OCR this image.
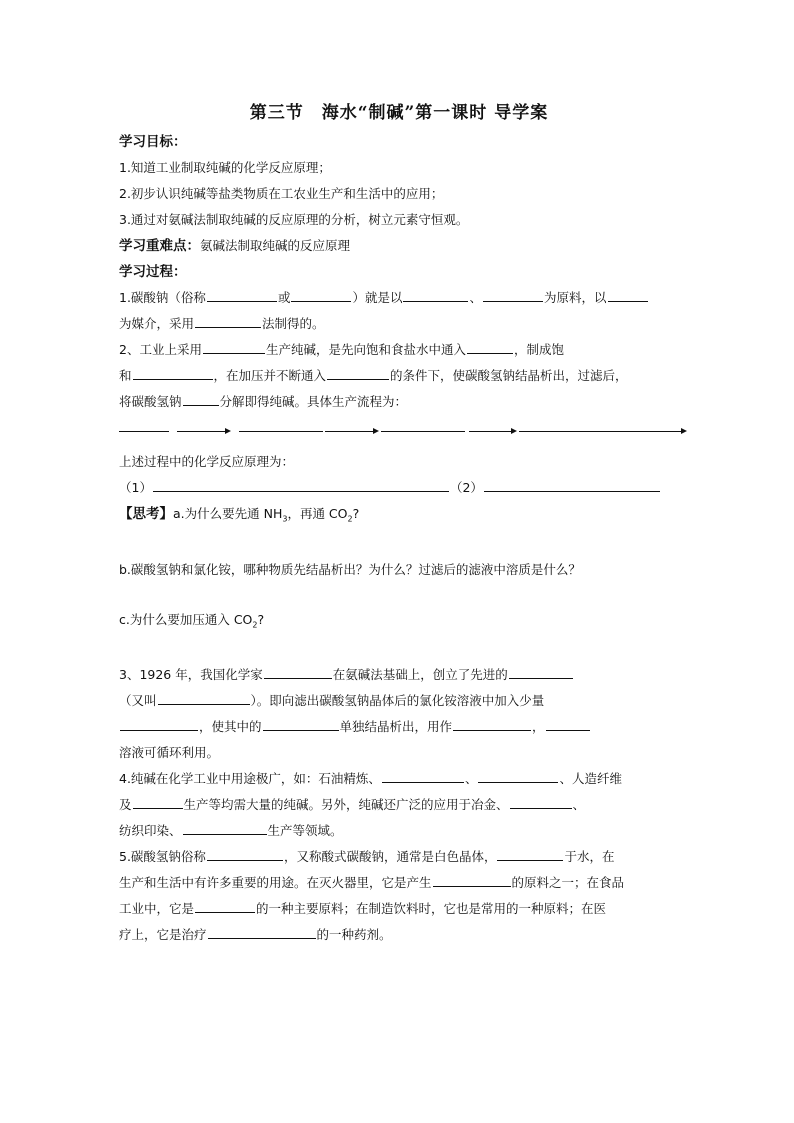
第三节　海水“制碱”第一课时 导学案
学习目标：
1.知道工业制取纯碱的化学反应原理；
2.初步认识纯碱等盐类物质在工农业生产和生活中的应用；
3.通过对氨碱法制取纯碱的反应原理的分析，树立元素守恒观。
学习重难点：氨碱法制取纯碱的反应原理
学习过程：
1.碳酸钠（俗称	或	）就是以	、	为原料，以
为媒介，采用	法制得的。
2、工业上采用	生产纯碱，是先向饱和食盐水中通入	，制成饱
和	，在加压并不断通入	的条件下，使碳酸氢钠结晶析出，过滤后，
将碳酸氢钠	分解即得纯碱。具体生产流程为：
上述过程中的化学反应原理为：
（1）	（2）
【思考】a.为什么要先通 $NH_3$，再通 $CO_2$?
b.碳酸氢钠和氯化铵，哪种物质先结晶析出？为什么？过滤后的滤液中溶质是什么？
c.为什么要加压通入 $CO_2$?
3、1926 年，我国化学家	在氨碱法基础上，创立了先进的
（又叫	）。即向滤出碳酸氢钠晶体后的氯化铵溶液中加入少量
，使其中的	单独结晶析出，用作	，
溶液可循环利用。
4.纯碱在化学工业中用途极广，如：石油精炼、	、	、人造纤维
及	生产等均需大量的纯碱。另外，纯碱还广泛的应用于冶金、	、
纺织印染、	生产等领域。
5.碳酸氢钠俗称	，又称酸式碳酸钠，通常是白色晶体，	于水，在
生产和生活中有许多重要的用途。在灭火器里，它是产生	的原料之一；在食品
工业中，它是	的一种主要原料；在制造饮料时，它也是常用的一种原料；在医
疗上，它是治疗	的一种药剂。
